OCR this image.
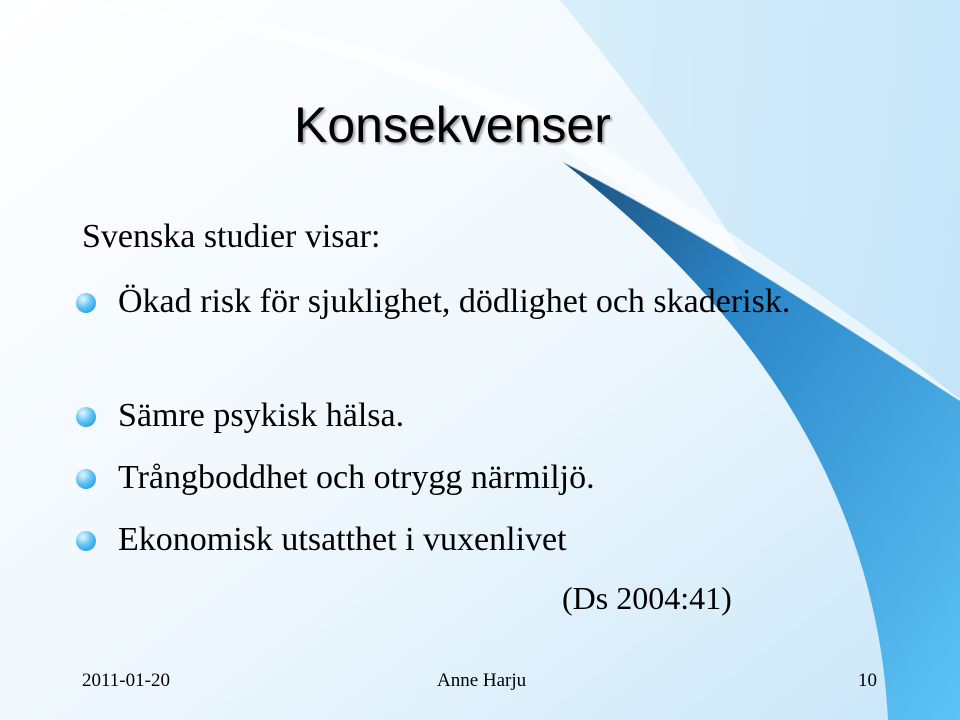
Konsekvenser

Svenska studier visar:

Ökad risk för sjuklighet, dödlighet och skaderisk.
Sämre psykisk hälsa.
Trångboddhet och otrygg närmiljö.
Ekonomisk utsatthet i vuxenlivet

(Ds 2004:41)

2011-01-20	Anne Harju	10
